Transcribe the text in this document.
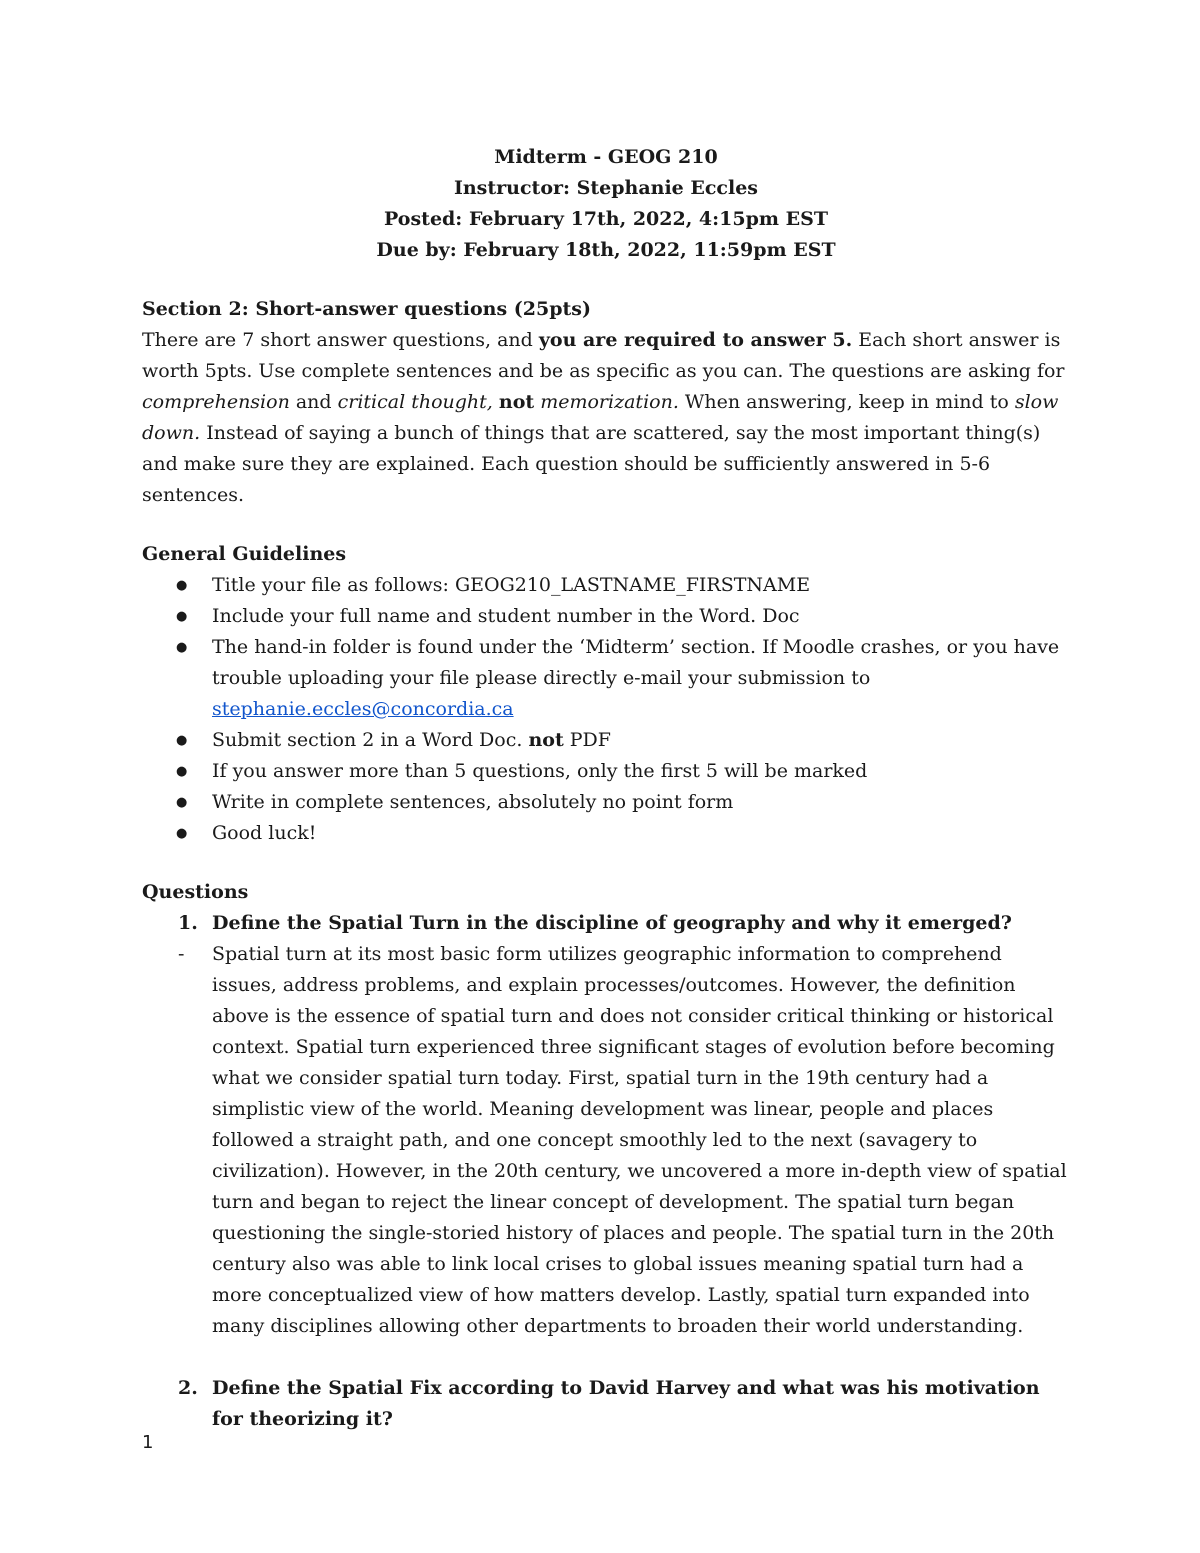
Midterm - GEOG 210
Instructor: Stephanie Eccles
Posted: February 17th, 2022, 4:15pm EST
Due by: February 18th, 2022, 11:59pm EST
Section 2: Short-answer questions (25pts)

There are 7 short answer questions, and you are required to answer 5. Each short answer is worth 5pts. Use complete sentences and be as specific as you can. The questions are asking for comprehension and critical thought, not memorization. When answering, keep in mind to slow down. Instead of saying a bunch of things that are scattered, say the most important thing(s) and make sure they are explained. Each question should be sufficiently answered in 5-6 sentences.

General Guidelines
● Title your file as follows: GEOG210_LASTNAME_FIRSTNAME
● Include your full name and student number in the Word. Doc
● The hand-in folder is found under the ‘Midterm’ section. If Moodle crashes, or you have trouble uploading your file please directly e-mail your submission to
stephanie.eccles@concordia.ca
● Submit section 2 in a Word Doc. not PDF
● If you answer more than 5 questions, only the first 5 will be marked
● Write in complete sentences, absolutely no point form
● Good luck!
Questions
1. Define the Spatial Turn in the discipline of geography and why it emerged?
- Spatial turn at its most basic form utilizes geographic information to comprehend issues, address problems, and explain processes/outcomes. However, the definition above is the essence of spatial turn and does not consider critical thinking or historical context. Spatial turn experienced three significant stages of evolution before becoming what we consider spatial turn today. First, spatial turn in the 19th century had a simplistic view of the world. Meaning development was linear, people and places followed a straight path, and one concept smoothly led to the next (savagery to civilization). However, in the 20th century, we uncovered a more in-depth view of spatial turn and began to reject the linear concept of development. The spatial turn began questioning the single-storied history of places and people. The spatial turn in the 20th century also was able to link local crises to global issues meaning spatial turn had a more conceptualized view of how matters develop. Lastly, spatial turn expanded into many disciplines allowing other departments to broaden their world understanding.
2. Define the Spatial Fix according to David Harvey and what was his motivation for theorizing it?
1
